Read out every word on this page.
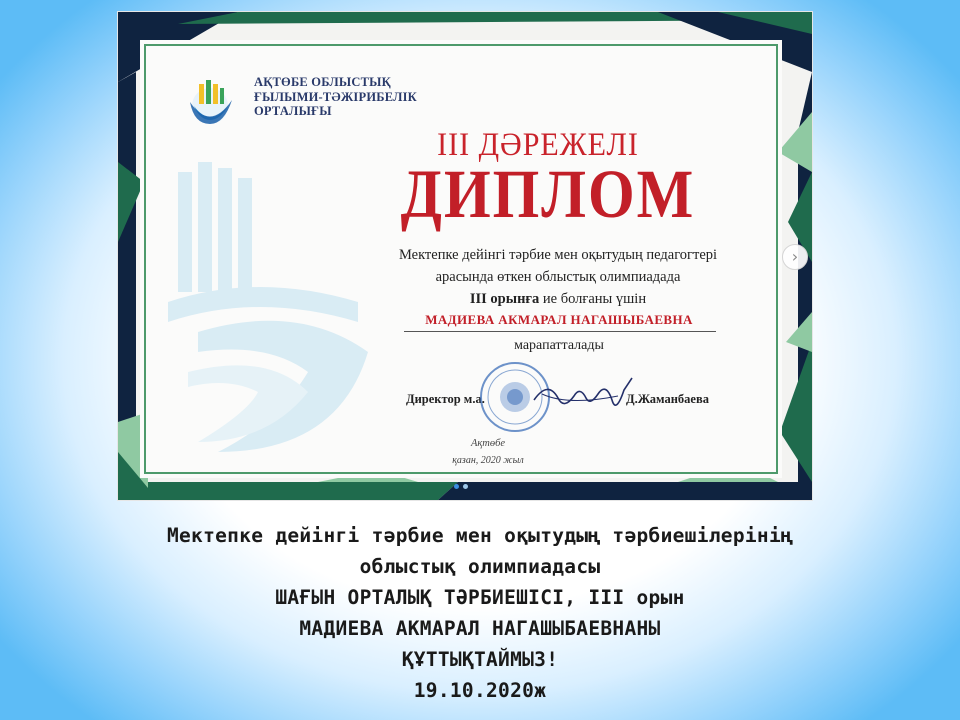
АҚТӨБЕ ОБЛЫСТЫҚ
ҒЫЛЫМИ-ТӘЖІРИБЕЛІК
ОРТАЛЫҒЫ
ІІІ ДӘРЕЖЕЛІ
ДИПЛОМ
Мектепке дейінгі тәрбие мен оқытудың педагогтері
арасында өткен облыстық олимпиадада
ІІІ орынға ие болғаны үшін
МАДИЕВА АКМАРАЛ НАГАШЫБАЕВНА
марапатталады
Директор м.а.	Д.Жаманбаева
Ақтөбе
қазан, 2020 жыл
›
Мектепке дейінгі тәрбие мен оқытудың тәрбиешілерінің
облыстық олимпиадасы
ШАҒЫН ОРТАЛЫҚ ТӘРБИЕШІСІ, ІІІ орын
МАДИЕВА АКМАРАЛ НАГАШЫБАЕВНАНЫ
ҚҰТТЫҚТАЙМЫЗ!
19.10.2020ж
